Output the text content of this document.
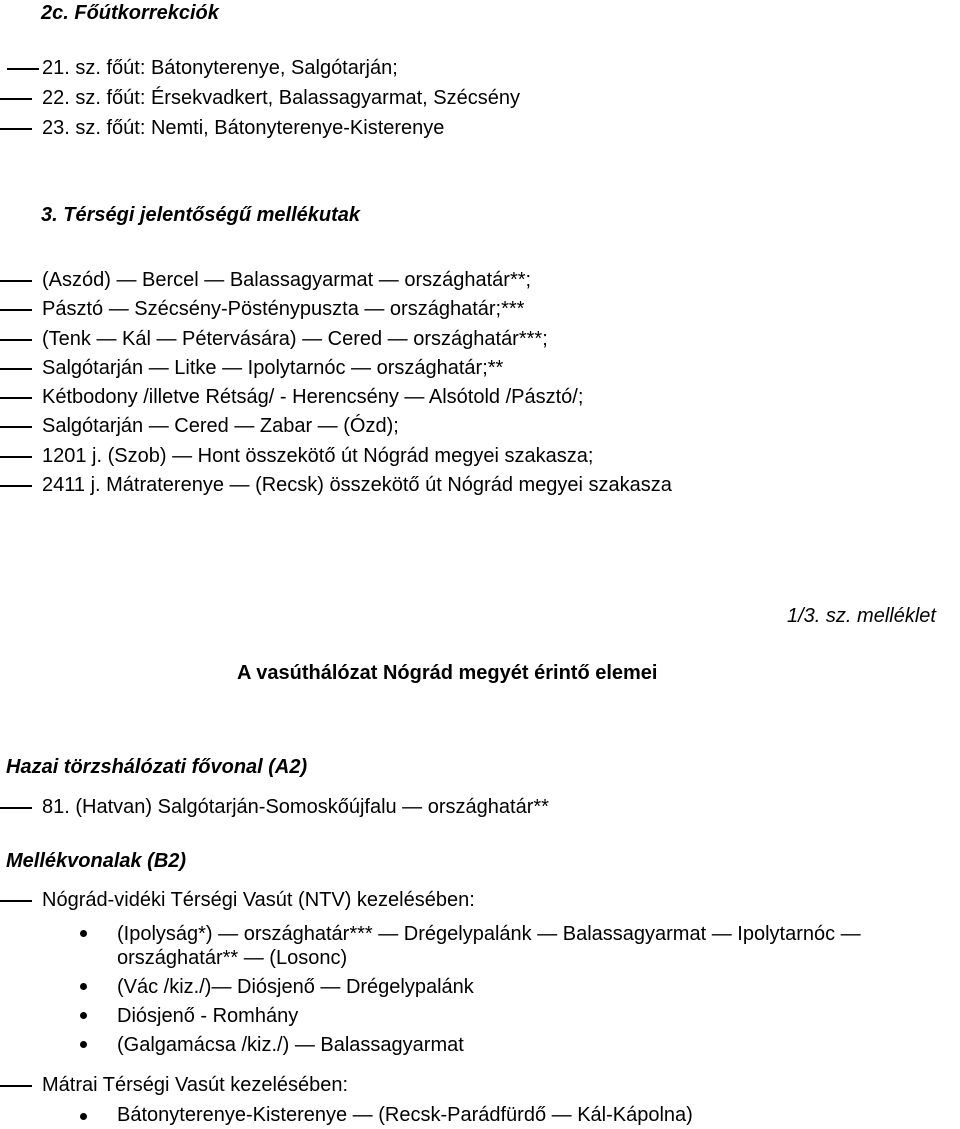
2c. Főútkorrekciók
21. sz. főút: Bátonyterenye, Salgótarján;
22. sz. főút: Érsekvadkert, Balassagyarmat, Szécsény
23. sz. főút: Nemti, Bátonyterenye-Kisterenye
3. Térségi jelentőségű mellékutak
(Aszód) — Bercel — Balassagyarmat — országhatár**;
Pásztó — Szécsény-Pösténypuszta — országhatár;***
(Tenk — Kál — Pétervására) — Cered — országhatár***;
Salgótarján — Litke — Ipolytarnóc — országhatár;**
Kétbodony /illetve Rétság/ - Herencsény — Alsótold /Pásztó/;
Salgótarján — Cered — Zabar — (Ózd);
1201 j. (Szob) — Hont összekötő út Nógrád megyei szakasza;
2411 j. Mátraterenye — (Recsk) összekötő út Nógrád megyei szakasza
1/3. sz. melléklet
A vasúthálózat Nógrád megyét érintő elemei
Hazai törzshálózati fővonal (A2)
81. (Hatvan) Salgótarján-Somoskőújfalu — országhatár**
Mellékvonalak (B2)
Nógrád-vidéki Térségi Vasút (NTV) kezelésében:
(Ipolyság*) — országhatár*** — Drégelypalánk — Balassagyarmat — Ipolytarnóc —
országhatár** — (Losonc)
(Vác /kiz./)— Diósjenő — Drégelypalánk
Diósjenő - Romhány
(Galgamácsa /kiz./) — Balassagyarmat
Mátrai Térségi Vasút kezelésében:
Bátonyterenye-Kisterenye — (Recsk-Parádfürdő — Kál-Kápolna)
